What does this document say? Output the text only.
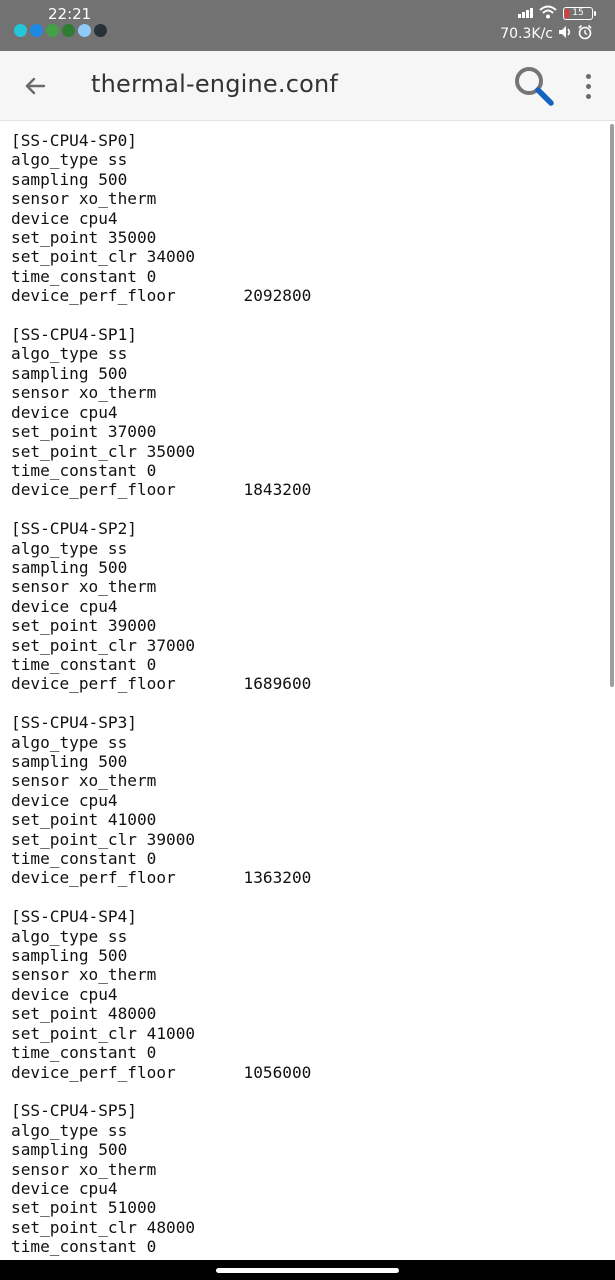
22:21	15
70.3K/c
thermal-engine.conf
[SS-CPU4-SP0]
algo_type ss
sampling 500
sensor xo_therm
device cpu4
set_point 35000
set_point_clr 34000
time_constant 0
device_perf_floor       2092800

[SS-CPU4-SP1]
algo_type ss
sampling 500
sensor xo_therm
device cpu4
set_point 37000
set_point_clr 35000
time_constant 0
device_perf_floor       1843200

[SS-CPU4-SP2]
algo_type ss
sampling 500
sensor xo_therm
device cpu4
set_point 39000
set_point_clr 37000
time_constant 0
device_perf_floor       1689600

[SS-CPU4-SP3]
algo_type ss
sampling 500
sensor xo_therm
device cpu4
set_point 41000
set_point_clr 39000
time_constant 0
device_perf_floor       1363200

[SS-CPU4-SP4]
algo_type ss
sampling 500
sensor xo_therm
device cpu4
set_point 48000
set_point_clr 41000
time_constant 0
device_perf_floor       1056000

[SS-CPU4-SP5]
algo_type ss
sampling 500
sensor xo_therm
device cpu4
set_point 51000
set_point_clr 48000
time_constant 0
